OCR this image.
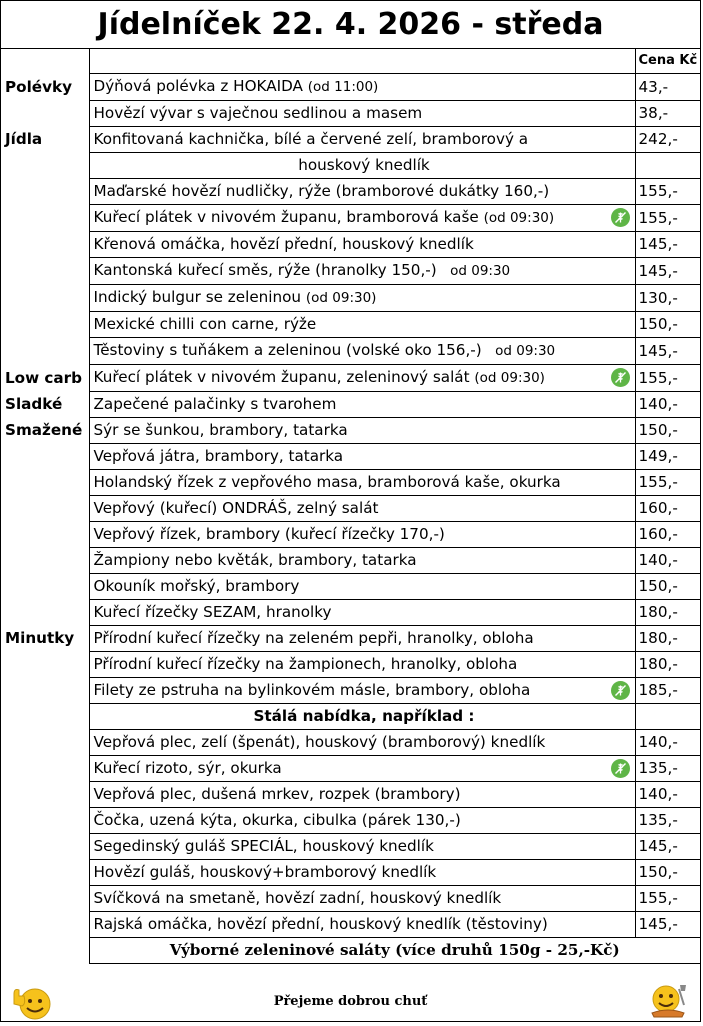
Jídelníček 22. 4. 2026 - středa
		Cena Kč
Polévky	Dýňová polévka z HOKAIDA (od 11:00)	43,-
	Hovězí vývar s vaječnou sedlinou a masem	38,-
Jídla	Konfitovaná kachnička, bílé a červené zelí, bramborový a	242,-
	houskový knedlík	
	Maďarské hovězí nudličky, rýže (bramborové dukátky 160,-)	155,-
	Kuřecí plátek v nivovém županu, bramborová kaše (od 09:30)	155,-
	Křenová omáčka, hovězí přední, houskový knedlík	145,-
	Kantonská kuřecí směs, rýže (hranolky 150,-)   od 09:30	145,-
	Indický bulgur se zeleninou (od 09:30)	130,-
	Mexické chilli con carne, rýže	150,-
	Těstoviny s tuňákem a zeleninou (volské oko 156,-)   od 09:30	145,-
Low carb	Kuřecí plátek v nivovém županu, zeleninový salát (od 09:30)	155,-
Sladké	Zapečené palačinky s tvarohem	140,-
Smažené	Sýr se šunkou, brambory, tatarka	150,-
	Vepřová játra, brambory, tatarka	149,-
	Holandský řízek z vepřového masa, bramborová kaše, okurka	155,-
	Vepřový (kuřecí) ONDRÁŠ, zelný salát	160,-
	Vepřový řízek, brambory (kuřecí řízečky 170,-)	160,-
	Žampiony nebo květák, brambory, tatarka	140,-
	Okouník mořský, brambory	150,-
	Kuřecí řízečky SEZAM, hranolky	180,-
Minutky	Přírodní kuřecí řízečky na zeleném pepři, hranolky, obloha	180,-
	Přírodní kuřecí řízečky na žampionech, hranolky, obloha	180,-
	Filety ze pstruha na bylinkovém másle, brambory, obloha	185,-
	Stálá nabídka, například :	
	Vepřová plec, zelí (špenát), houskový (bramborový) knedlík	140,-
	Kuřecí rizoto, sýr, okurka	135,-
	Vepřová plec, dušená mrkev, rozpek (brambory)	140,-
	Čočka, uzená kýta, okurka, cibulka (párek 130,-)	135,-
	Segedinský guláš SPECIÁL, houskový knedlík	145,-
	Hovězí guláš, houskový+bramborový knedlík	150,-
	Svíčková na smetaně, hovězí zadní, houskový knedlík	155,-
	Rajská omáčka, hovězí přední, houskový knedlík (těstoviny)	145,-
	Výborné zeleninové saláty (více druhů 150g - 25,-Kč)	
Přejeme dobrou chuť
